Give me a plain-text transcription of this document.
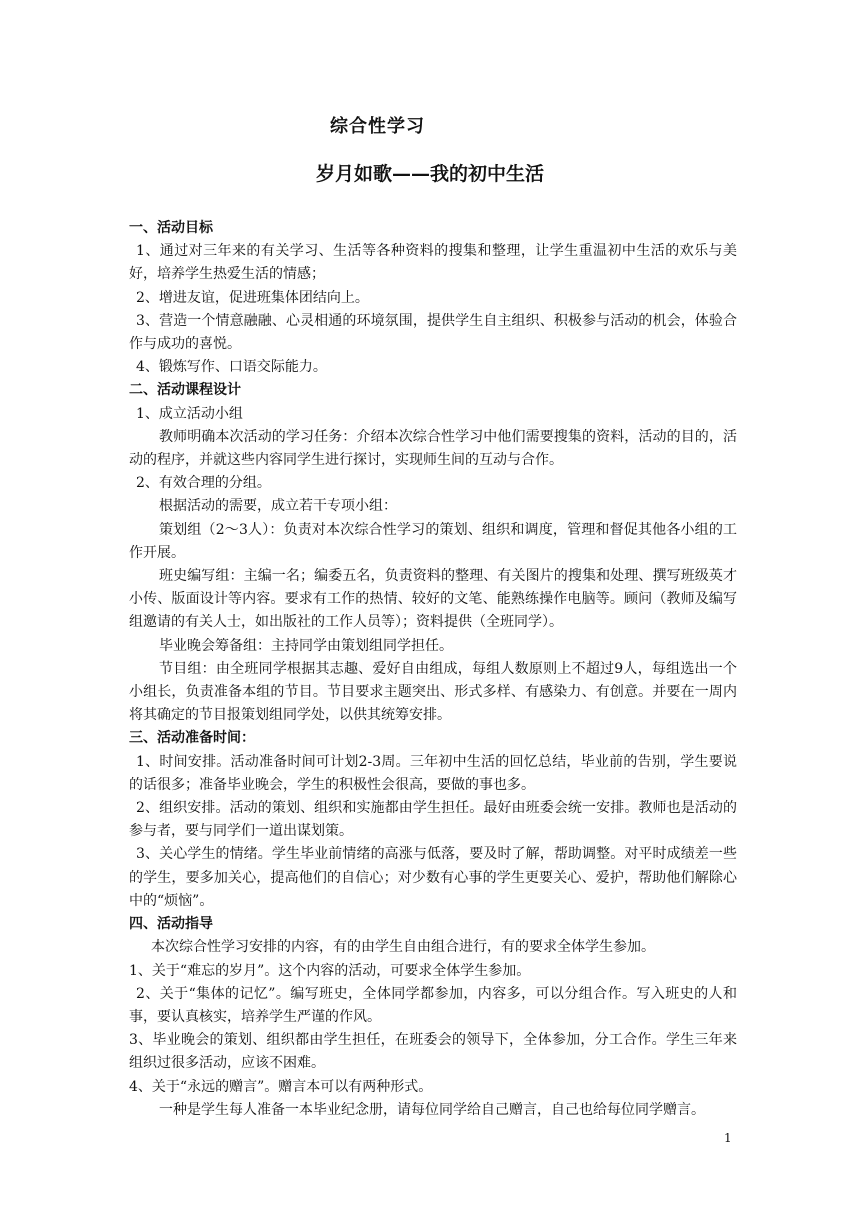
综合性学习
岁月如歌——我的初中生活

一、活动目标

1、通过对三年来的有关学习、生活等各种资料的搜集和整理，让学生重温初中生活的欢乐与美好，培养学生热爱生活的情感；

2、增进友谊，促进班集体团结向上。

3、营造一个情意融融、心灵相通的环境氛围，提供学生自主组织、积极参与活动的机会，体验合作与成功的喜悦。

4、锻炼写作、口语交际能力。

二、活动课程设计

1、成立活动小组

教师明确本次活动的学习任务：介绍本次综合性学习中他们需要搜集的资料，活动的目的，活动的程序，并就这些内容同学生进行探讨，实现师生间的互动与合作。

2、有效合理的分组。

根据活动的需要，成立若干专项小组：

策划组（2～3人）：负责对本次综合性学习的策划、组织和调度，管理和督促其他各小组的工作开展。

班史编写组：主编一名；编委五名，负责资料的整理、有关图片的搜集和处理、撰写班级英才小传、版面设计等内容。要求有工作的热情、较好的文笔、能熟练操作电脑等。顾问（教师及编写组邀请的有关人士，如出版社的工作人员等）；资料提供（全班同学）。

毕业晚会筹备组：主持同学由策划组同学担任。

节目组：由全班同学根据其志趣、爱好自由组成，每组人数原则上不超过9人，每组选出一个小组长，负责准备本组的节目。节目要求主题突出、形式多样、有感染力、有创意。并要在一周内将其确定的节目报策划组同学处，以供其统筹安排。

三、活动准备时间：

1、时间安排。活动准备时间可计划2-3周。三年初中生活的回忆总结，毕业前的告别，学生要说的话很多；准备毕业晚会，学生的积极性会很高，要做的事也多。

2、组织安排。活动的策划、组织和实施都由学生担任。最好由班委会统一安排。教师也是活动的参与者，要与同学们一道出谋划策。

3、关心学生的情绪。学生毕业前情绪的高涨与低落，要及时了解，帮助调整。对平时成绩差一些的学生，要多加关心，提高他们的自信心；对少数有心事的学生更要关心、爱护，帮助他们解除心中的“烦恼”。

四、活动指导

本次综合性学习安排的内容，有的由学生自由组合进行，有的要求全体学生参加。

1、关于“难忘的岁月”。这个内容的活动，可要求全体学生参加。

2、关于“集体的记忆”。编写班史，全体同学都参加，内容多，可以分组合作。写入班史的人和事，要认真核实，培养学生严谨的作风。

3、毕业晚会的策划、组织都由学生担任，在班委会的领导下，全体参加，分工合作。学生三年来组织过很多活动，应该不困难。

4、关于“永远的赠言”。赠言本可以有两种形式。

一种是学生每人准备一本毕业纪念册，请每位同学给自己赠言，自己也给每位同学赠言。

1
